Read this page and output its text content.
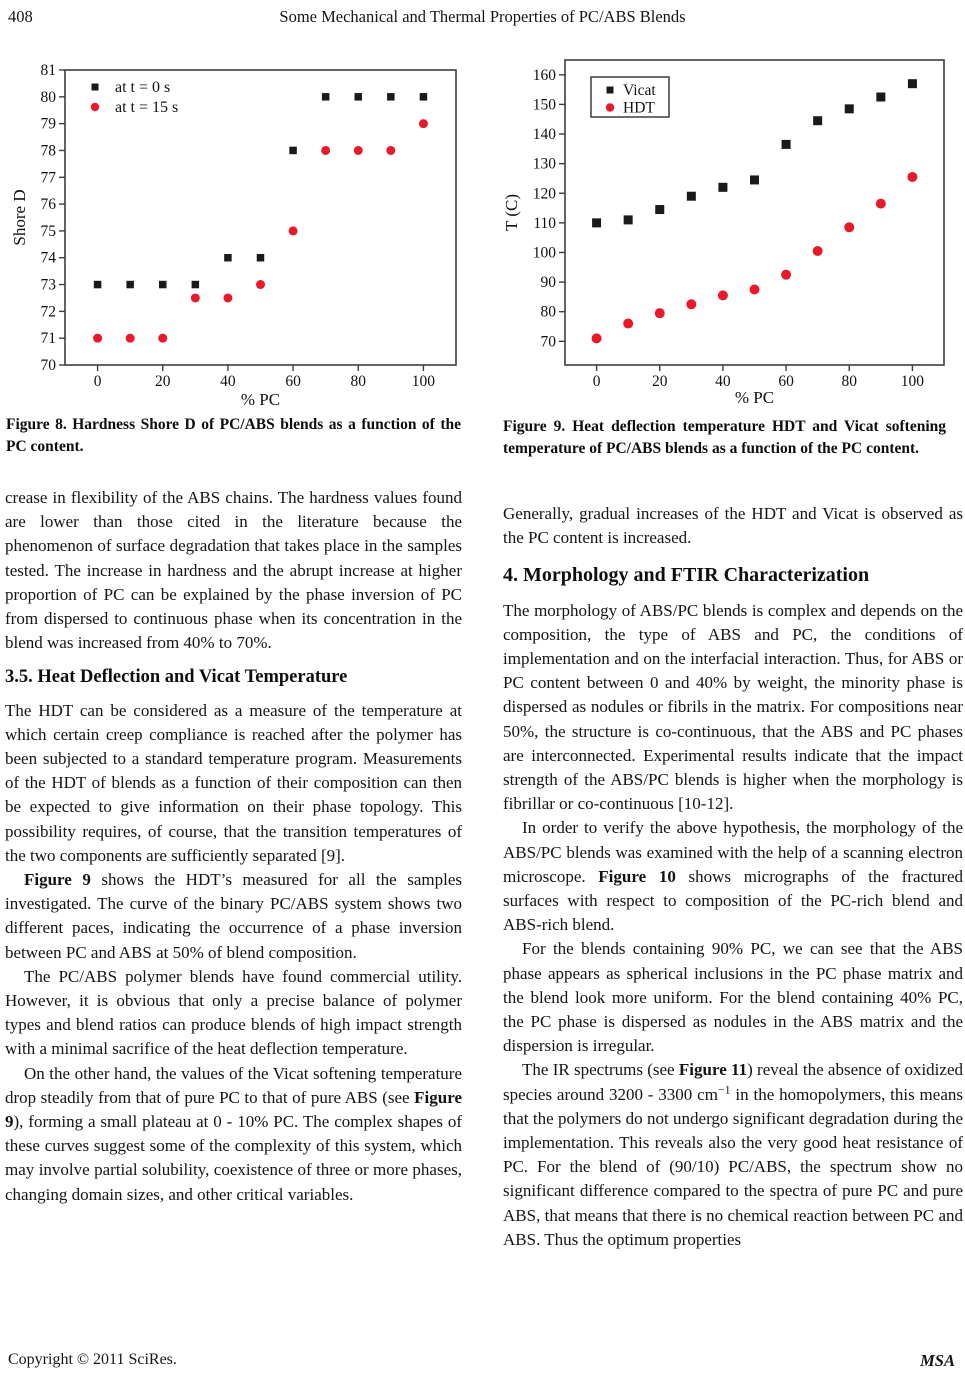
408	Some Mechanical and Thermal Properties of PC/ABS Blends
0	20	40	60	80	100
70
71
72
73
74
75
76
77
78
79
80
81
% PC
Shore D
at t = 0 s
at t = 15 s
Figure 8. Hardness Shore D of PC/ABS blends as a function of the PC content.
0	20	40	60	80	100
70
80
90
100
110
120
130
140
150
160
% PC
T (C)
Vicat
HDT
Figure 9. Heat deflection temperature HDT and Vicat softening temperature of PC/ABS blends as a function of the PC content.

crease in flexibility of the ABS chains. The hardness values found are lower than those cited in the literature because the phenomenon of surface degradation that takes place in the samples tested. The increase in hardness and the abrupt increase at higher proportion of PC can be explained by the phase inversion of PC from dispersed to continuous phase when its concentration in the blend was increased from 40% to 70%.

3.5. Heat Deflection and Vicat Temperature

The HDT can be considered as a measure of the temperature at which certain creep compliance is reached after the polymer has been subjected to a standard temperature program. Measurements of the HDT of blends as a function of their composition can then be expected to give information on their phase topology. This possibility requires, of course, that the transition temperatures of the two components are sufficiently separated [9].

Figure 9 shows the HDT’s measured for all the samples investigated. The curve of the binary PC/ABS system shows two different paces, indicating the occurrence of a phase inversion between PC and ABS at 50% of blend composition.

The PC/ABS polymer blends have found commercial utility. However, it is obvious that only a precise balance of polymer types and blend ratios can produce blends of high impact strength with a minimal sacrifice of the heat deflection temperature.

On the other hand, the values of the Vicat softening temperature drop steadily from that of pure PC to that of pure ABS (see Figure 9), forming a small plateau at 0 - 10% PC. The complex shapes of these curves suggest some of the complexity of this system, which may involve partial solubility, coexistence of three or more phases, changing domain sizes, and other critical variables.

Generally, gradual increases of the HDT and Vicat is observed as the PC content is increased.

4. Morphology and FTIR Characterization

The morphology of ABS/PC blends is complex and depends on the composition, the type of ABS and PC, the conditions of implementation and on the interfacial interaction. Thus, for ABS or PC content between 0 and 40% by weight, the minority phase is dispersed as nodules or fibrils in the matrix. For compositions near 50%, the structure is co-continuous, that the ABS and PC phases are interconnected. Experimental results indicate that the impact strength of the ABS/PC blends is higher when the morphology is fibrillar or co-continuous [10-12].

In order to verify the above hypothesis, the morphology of the ABS/PC blends was examined with the help of a scanning electron microscope. Figure 10 shows micrographs of the fractured surfaces with respect to composition of the PC-rich blend and ABS-rich blend.

For the blends containing 90% PC, we can see that the ABS phase appears as spherical inclusions in the PC phase matrix and the blend look more uniform. For the blend containing 40% PC, the PC phase is dispersed as nodules in the ABS matrix and the dispersion is irregular.

The IR spectrums (see Figure 11) reveal the absence of oxidized species around 3200 - 3300 $cm^{-1}$ in the homopolymers, this means that the polymers do not undergo significant degradation during the implementation. This reveals also the very good heat resistance of PC. For the blend of (90/10) PC/ABS, the spectrum show no significant difference compared to the spectra of pure PC and pure ABS, that means that there is no chemical reaction between PC and ABS. Thus the optimum properties

Copyright © 2011 SciRes.	MSA
